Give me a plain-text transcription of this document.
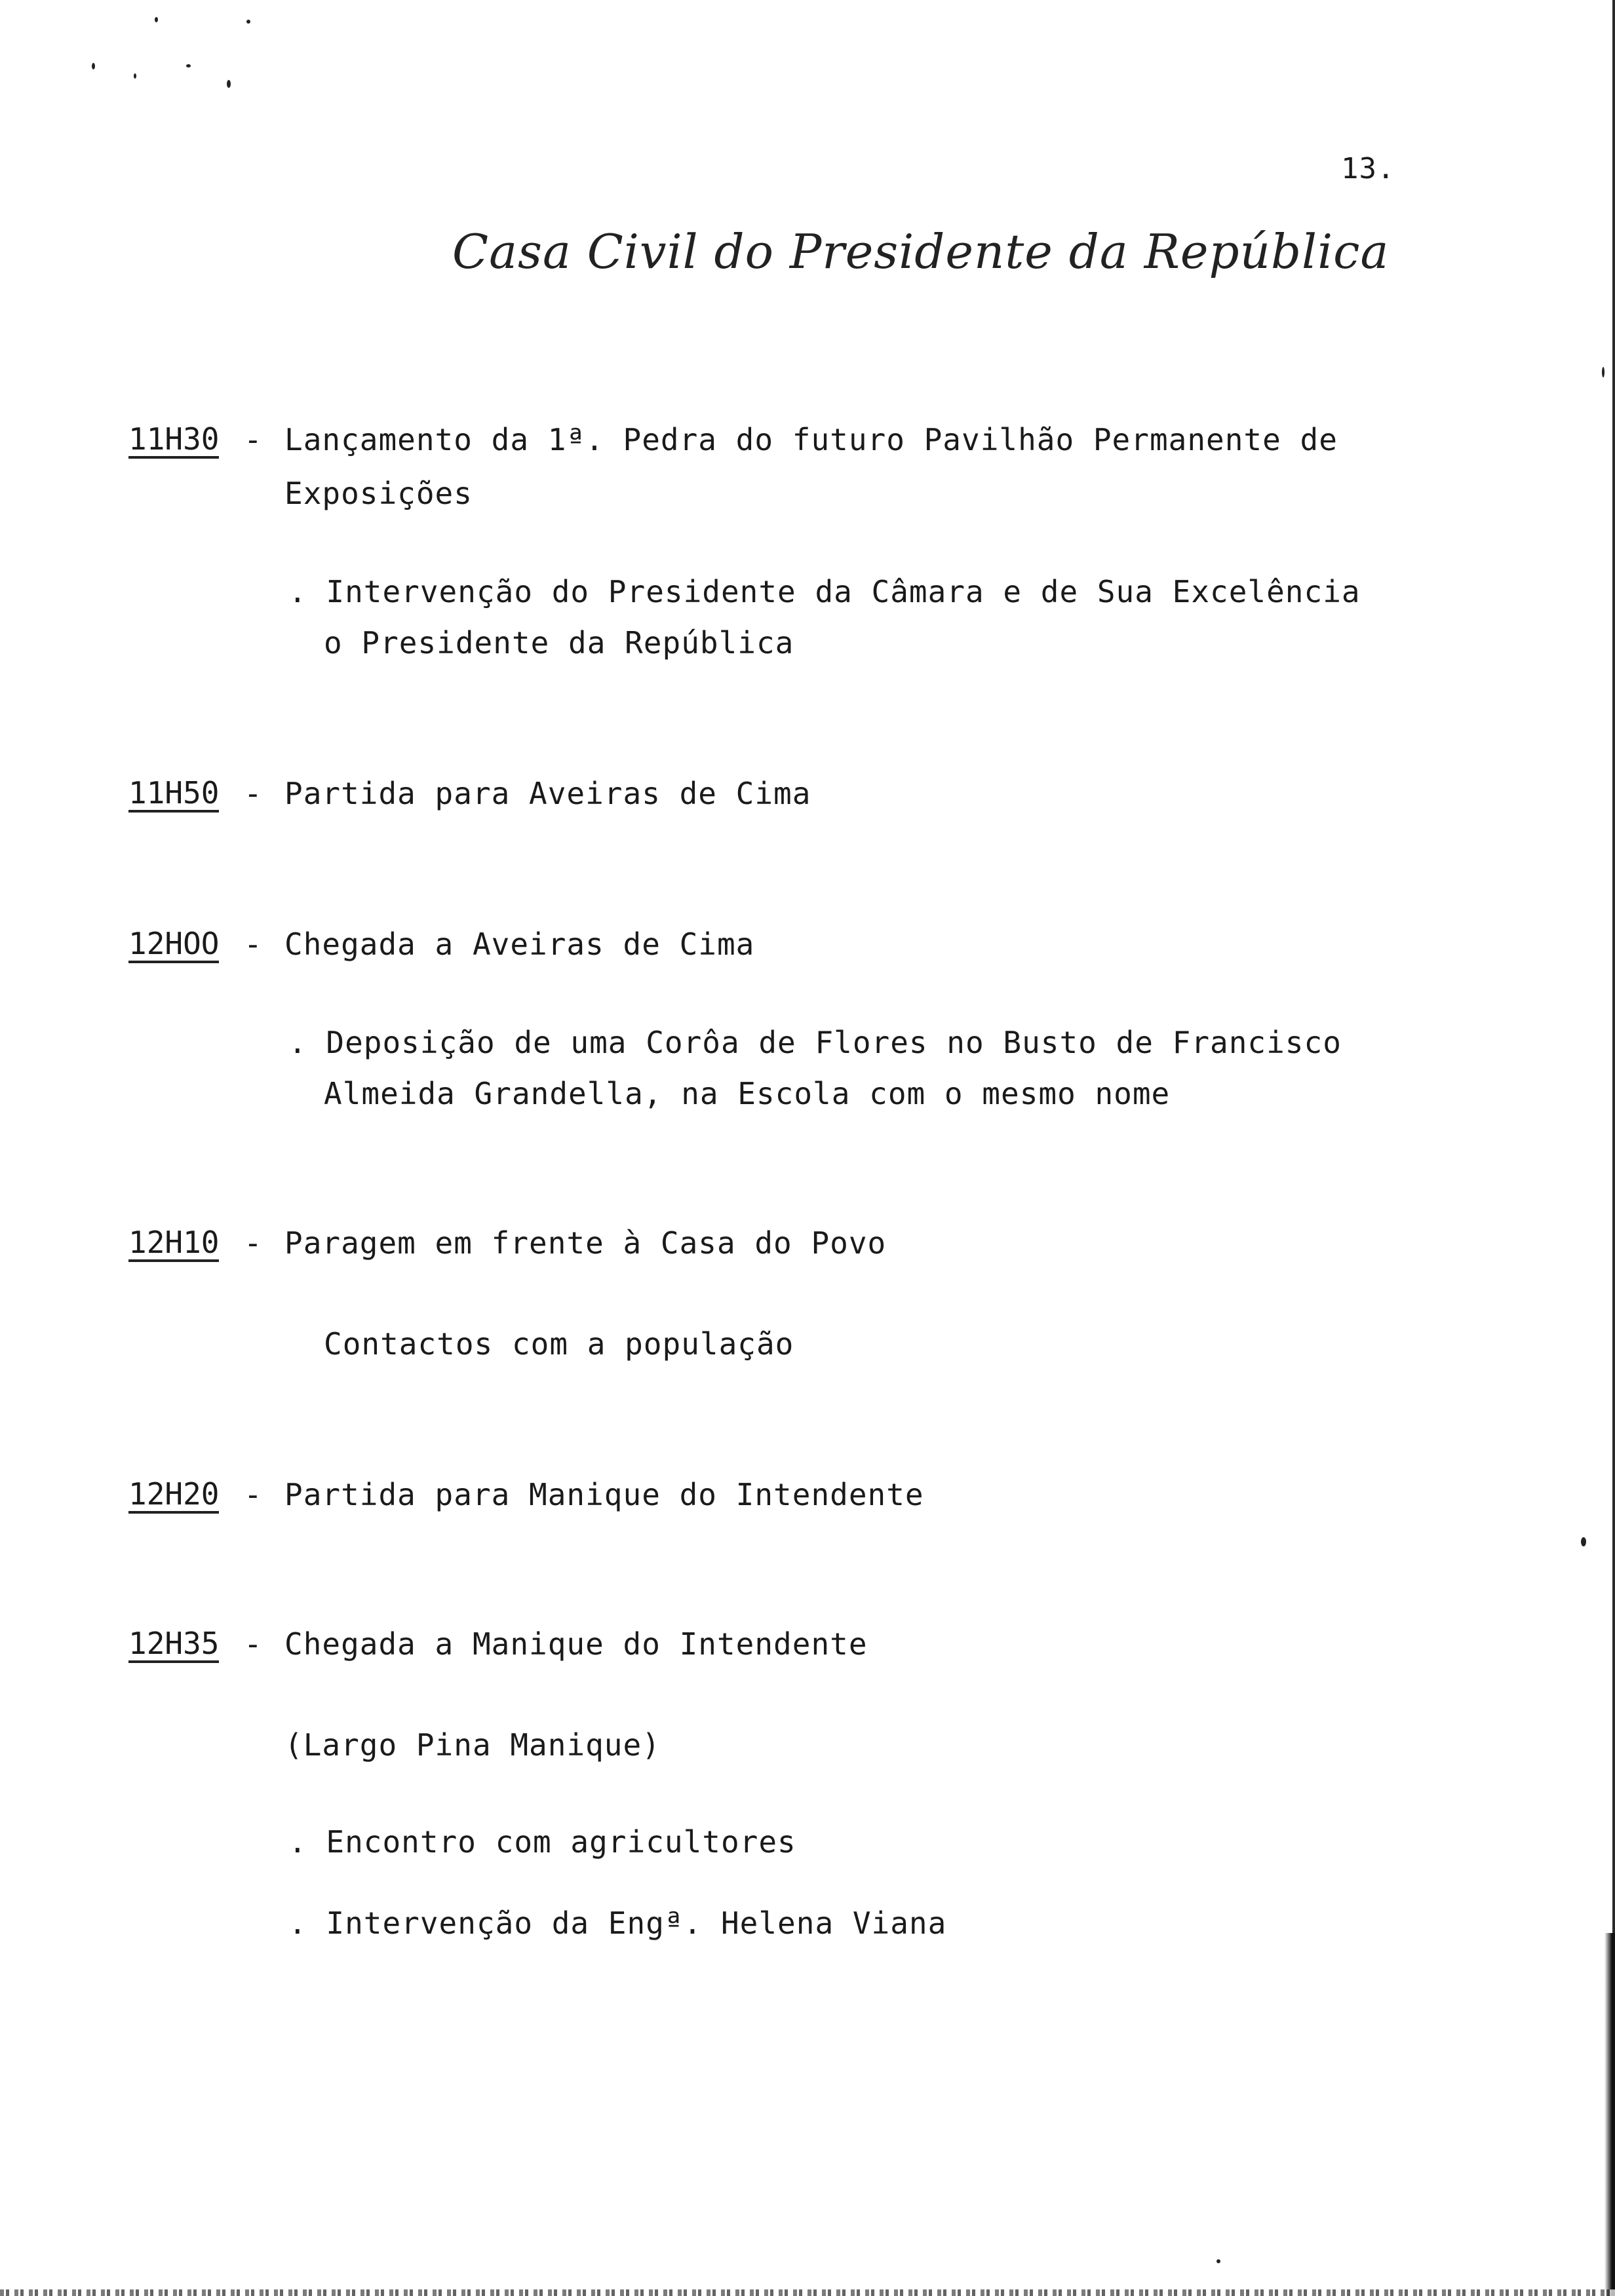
13.
Casa Civil do Presidente da República
11H30 - Lançamento da 1ª. Pedra do futuro Pavilhão Permanente de
Exposições
. Intervenção do Presidente da Câmara e de Sua Excelência
o Presidente da República
11H50 - Partida para Aveiras de Cima
12HOO - Chegada a Aveiras de Cima
. Deposição de uma Corôa de Flores no Busto de Francisco
Almeida Grandella, na Escola com o mesmo nome
12H10 - Paragem em frente à Casa do Povo
Contactos com a população
12H20 - Partida para Manique do Intendente
12H35 - Chegada a Manique do Intendente
(Largo Pina Manique)
. Encontro com agricultores
. Intervenção da Engª. Helena Viana
